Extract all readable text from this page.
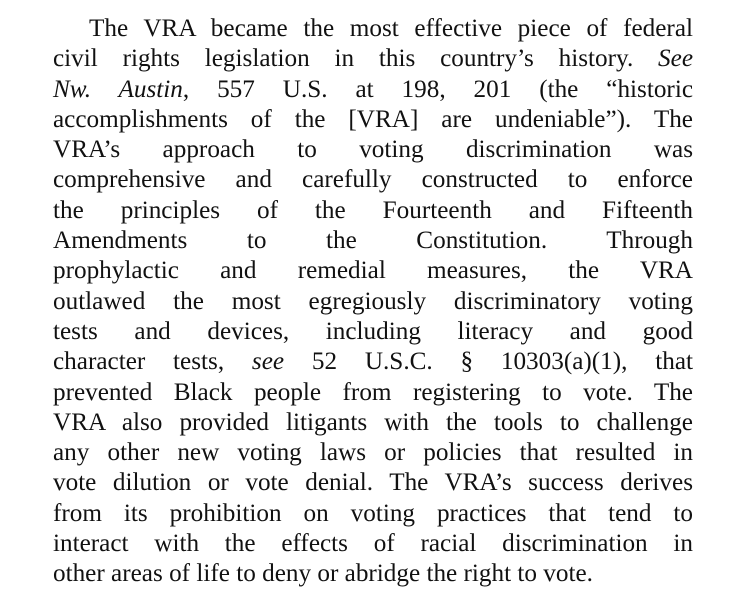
The VRA became the most effective piece of federal
civil rights legislation in this country’s history. See
Nw. Austin, 557 U.S. at 198, 201 (the “historic
accomplishments of the [VRA] are undeniable”). The
VRA’s approach to voting discrimination was
comprehensive and carefully constructed to enforce
the principles of the Fourteenth and Fifteenth
Amendments to the Constitution. Through
prophylactic and remedial measures, the VRA
outlawed the most egregiously discriminatory voting
tests and devices, including literacy and good
character tests, see 52 U.S.C. § 10303(a)(1), that
prevented Black people from registering to vote. The
VRA also provided litigants with the tools to challenge
any other new voting laws or policies that resulted in
vote dilution or vote denial. The VRA’s success derives
from its prohibition on voting practices that tend to
interact with the effects of racial discrimination in
other areas of life to deny or abridge the right to vote.
